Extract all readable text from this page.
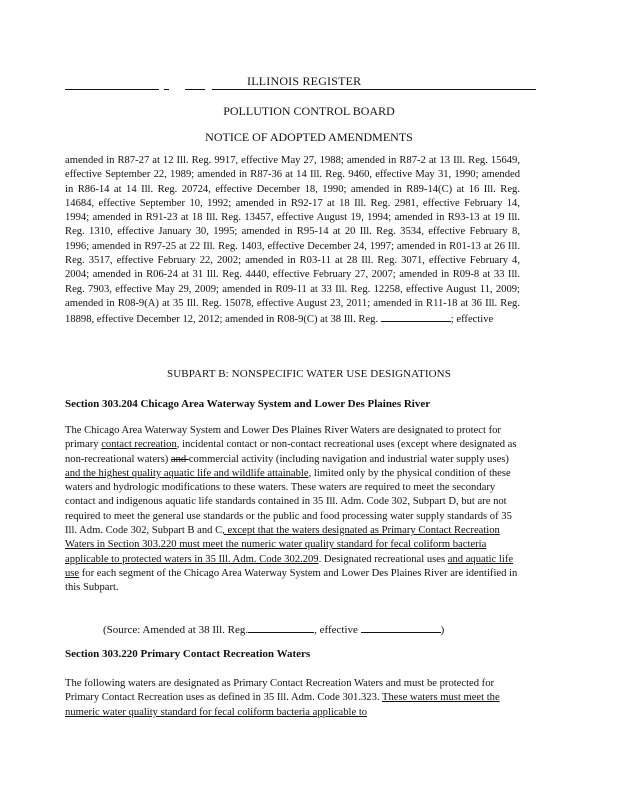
ILLINOIS REGISTER
POLLUTION CONTROL BOARD
NOTICE OF ADOPTED AMENDMENTS
amended in R87-27 at 12 Ill. Reg. 9917, effective May 27, 1988; amended in R87-2 at 13 Ill. Reg. 15649, effective September 22, 1989; amended in R87-36 at 14 Ill. Reg. 9460, effective May 31, 1990; amended in R86-14 at 14 Ill. Reg. 20724, effective December 18, 1990; amended in R89-14(C) at 16 Ill. Reg. 14684, effective September 10, 1992; amended in R92-17 at 18 Ill. Reg. 2981, effective February 14, 1994; amended in R91-23 at 18 Ill. Reg. 13457, effective August 19, 1994; amended in R93-13 at 19 Ill. Reg. 1310, effective January 30, 1995; amended in R95-14 at 20 Ill. Reg. 3534, effective February 8, 1996; amended in R97-25 at 22 Ill. Reg. 1403, effective December 24, 1997; amended in R01-13 at 26 Ill. Reg. 3517, effective February 22, 2002; amended in R03-11 at 28 Ill. Reg. 3071, effective February 4, 2004; amended in R06-24 at 31 Ill. Reg. 4440, effective February 27, 2007; amended in R09-8 at 33 Ill. Reg. 7903, effective May 29, 2009; amended in R09-11 at 33 Ill. Reg. 12258, effective August 11, 2009; amended in R08-9(A) at 35 Ill. Reg. 15078, effective August 23, 2011; amended in R11-18 at 36 Ill. Reg. 18898, effective December 12, 2012; amended in R08-9(C) at 38 Ill. Reg.	; effective
SUBPART B: NONSPECIFIC WATER USE DESIGNATIONS
Section 303.204 Chicago Area Waterway System and Lower Des Plaines River
The Chicago Area Waterway System and Lower Des Plaines River Waters are designated to protect for primary contact recreation, incidental contact or non-contact recreational uses (except where designated as non-recreational waters) and commercial activity (including navigation and industrial water supply uses) and the highest quality aquatic life and wildlife attainable, limited only by the physical condition of these waters and hydrologic modifications to these waters. These waters are required to meet the secondary contact and indigenous aquatic life standards contained in 35 Ill. Adm. Code 302, Subpart D, but are not required to meet the general use standards or the public and food processing water supply standards of 35 Ill. Adm. Code 302, Subpart B and C, except that the waters designated as Primary Contact Recreation Waters in Section 303.220 must meet the numeric water quality standard for fecal coliform bacteria applicable to protected waters in 35 Ill. Adm. Code 302.209. Designated recreational uses and aquatic life use for each segment of the Chicago Area Waterway System and Lower Des Plaines River are identified in this Subpart.
(Source: Amended at 38 Ill. Reg.	, effective	)
Section 303.220 Primary Contact Recreation Waters
The following waters are designated as Primary Contact Recreation Waters and must be protected for Primary Contact Recreation uses as defined in 35 Ill. Adm. Code 301.323. These waters must meet the numeric water quality standard for fecal coliform bacteria applicable to
